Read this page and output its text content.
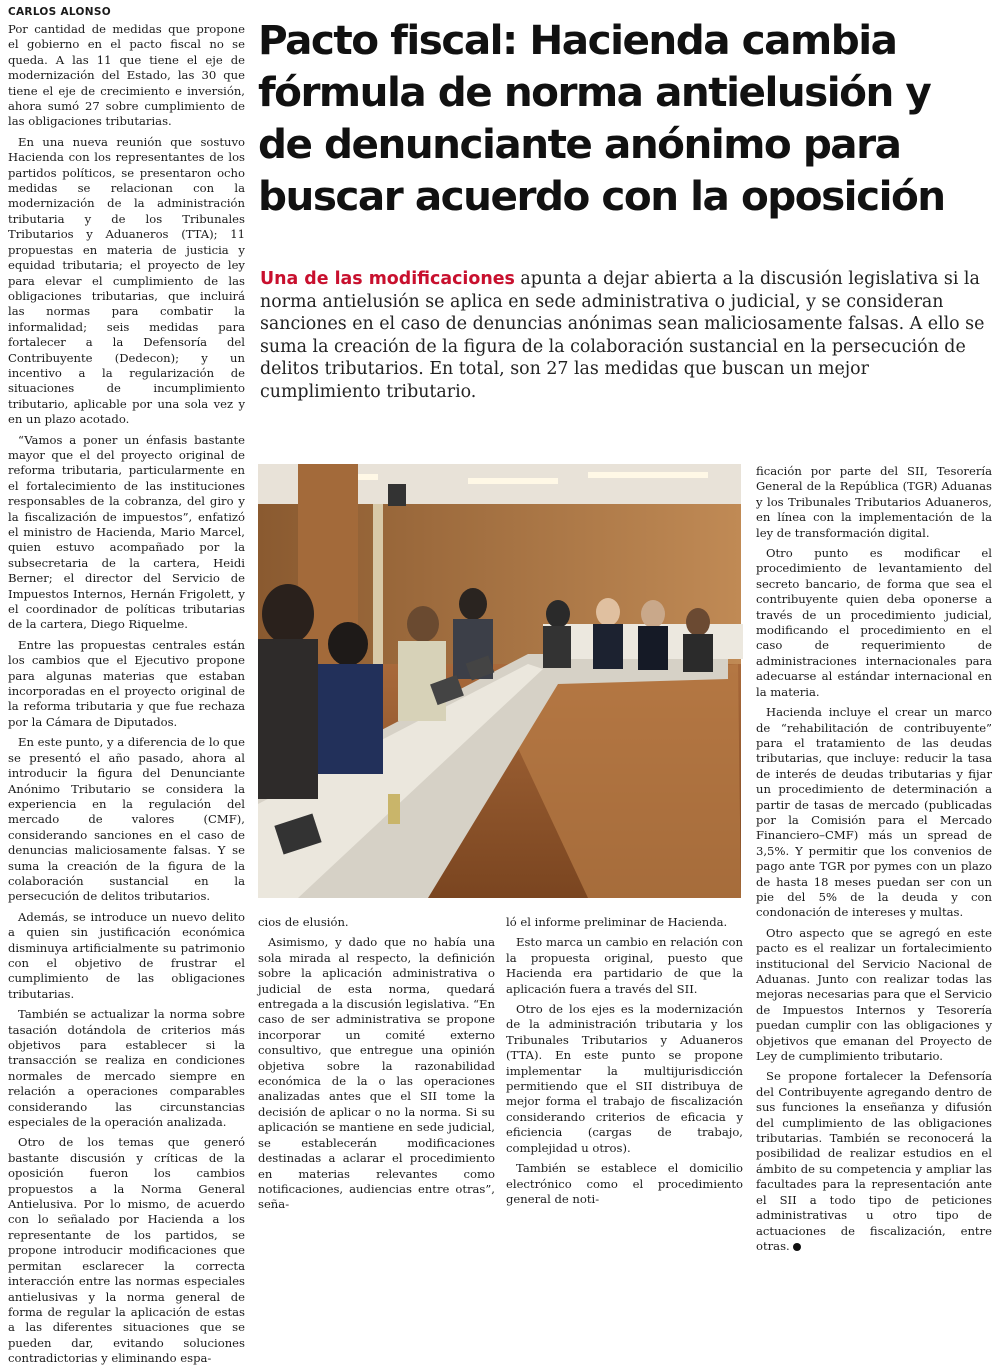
CARLOS ALONSO

Por cantidad de medidas que propone el gobierno en el pacto fiscal no se queda. A las 11 que tiene el eje de modernización del Estado, las 30 que tiene el eje de crecimiento e inversión, ahora sumó 27 sobre cumplimiento de las obligaciones tributarias.

En una nueva reunión que sostuvo Hacienda con los representantes de los partidos políticos, se presentaron ocho medidas se relacionan con la modernización de la administración tributaria y de los Tribunales Tributarios y Aduaneros (TTA); 11 propuestas en materia de justicia y equidad tributaria; el proyecto de ley para elevar el cumplimiento de las obligaciones tributarias, que incluirá las normas para combatir la informalidad; seis medidas para fortalecer a la Defensoría del Contribuyente (Dedecon); y un incentivo a la regularización de situaciones de incumplimiento tributario, aplicable por una sola vez y en un plazo acotado.

“Vamos a poner un énfasis bastante mayor que el del proyecto original de reforma tributaria, particularmente en el fortalecimiento de las instituciones responsables de la cobranza, del giro y la fiscalización de impuestos”, enfatizó el ministro de Hacienda, Mario Marcel, quien estuvo acompañado por la subsecretaria de la cartera, Heidi Berner; el director del Servicio de Impuestos Internos, Hernán Frigolett, y el coordinador de políticas tributarias de la cartera, Diego Riquelme.

Entre las propuestas centrales están los cambios que el Ejecutivo propone para algunas materias que estaban incorporadas en el proyecto original de la reforma tributaria y que fue rechaza por la Cámara de Diputados.

En este punto, y a diferencia de lo que se presentó el año pasado, ahora al introducir la figura del Denunciante Anónimo Tributario se considera la experiencia en la regulación del mercado de valores (CMF), considerando sanciones en el caso de denuncias maliciosamente falsas. Y se suma la creación de la figura de la colaboración sustancial en la persecución de delitos tributarios.

Además, se introduce un nuevo delito a quien sin justificación económica disminuya artificialmente su patrimonio con el objetivo de frustrar el cumplimiento de las obligaciones tributarias.

También se actualizar la norma sobre tasación dotándola de criterios más objetivos para establecer si la transacción se realiza en condiciones normales de mercado siempre en relación a operaciones comparables considerando las circunstancias especiales de la operación analizada.

Otro de los temas que generó bastante discusión y críticas de la oposición fueron los cambios propuestos a la Norma General Antielusiva. Por lo mismo, de acuerdo con lo señalado por Hacienda a los representante de los partidos, se propone introducir modificaciones que permitan esclarecer la correcta interacción entre las normas especiales antielusivas y la norma general de forma de regular la aplicación de estas a las diferentes situaciones que se pueden dar, evitando soluciones contradictorias y eliminando espa-

Pacto fiscal: Hacienda cambia fórmula de norma antielusión y de denunciante anónimo para buscar acuerdo con la oposición

Una de las modificaciones apunta a dejar abierta a la discusión legislativa si la norma antielusión se aplica en sede administrativa o judicial, y se consideran sanciones en el caso de denuncias anónimas sean maliciosamente falsas. A ello se suma la creación de la figura de la colaboración sustancial en la persecución de delitos tributarios. En total, son 27 las medidas que buscan un mejor cumplimiento tributario.

cios de elusión.

Asimismo, y dado que no había una sola mirada al respecto, la definición sobre la aplicación administrativa o judicial de esta norma, quedará entregada a la discusión legislativa. “En caso de ser administrativa se propone incorporar un comité externo consultivo, que entregue una opinión objetiva sobre la razonabilidad económica de la o las operaciones analizadas antes que el SII tome la decisión de aplicar o no la norma. Si su aplicación se mantiene en sede judicial, se establecerán modificaciones destinadas a aclarar el procedimiento en materias relevantes como notificaciones, audiencias entre otras”, seña-

ló el informe preliminar de Hacienda.

Esto marca un cambio en relación con la propuesta original, puesto que Hacienda era partidario de que la aplicación fuera a través del SII.

Otro de los ejes es la modernización de la administración tributaria y los Tribunales Tributarios y Aduaneros (TTA). En este punto se propone implementar la multijurisdicción permitiendo que el SII distribuya de mejor forma el trabajo de fiscalización considerando criterios de eficacia y eficiencia (cargas de trabajo, complejidad u otros).

También se establece el domicilio electrónico como el procedimiento general de noti-

ficación por parte del SII, Tesorería General de la República (TGR) Aduanas y los Tribunales Tributarios Aduaneros, en línea con la implementación de la ley de transformación digital.

Otro punto es modificar el procedimiento de levantamiento del secreto bancario, de forma que sea el contribuyente quien deba oponerse a través de un procedimiento judicial, modificando el procedimiento en el caso de requerimiento de administraciones internacionales para adecuarse al estándar internacional en la materia.

Hacienda incluye el crear un marco de “rehabilitación de contribuyente” para el tratamiento de las deudas tributarias, que incluye: reducir la tasa de interés de deudas tributarias y fijar un procedimiento de determinación a partir de tasas de mercado (publicadas por la Comisión para el Mercado Financiero–CMF) más un spread de 3,5%. Y permitir que los convenios de pago ante TGR por pymes con un plazo de hasta 18 meses puedan ser con un pie del 5% de la deuda y con condonación de intereses y multas.

Otro aspecto que se agregó en este pacto es el realizar un fortalecimiento institucional del Servicio Nacional de Aduanas. Junto con realizar todas las mejoras necesarias para que el Servicio de Impuestos Internos y Tesorería puedan cumplir con las obligaciones y objetivos que emanan del Proyecto de Ley de cumplimiento tributario.

Se propone fortalecer la Defensoría del Contribuyente agregando dentro de sus funciones la enseñanza y difusión del cumplimiento de las obligaciones tributarias. También se reconocerá la posibilidad de realizar estudios en el ámbito de su competencia y ampliar las facultades para la representación ante el SII a todo tipo de peticiones administrativas u otro tipo de actuaciones de fiscalización, entre otras.
